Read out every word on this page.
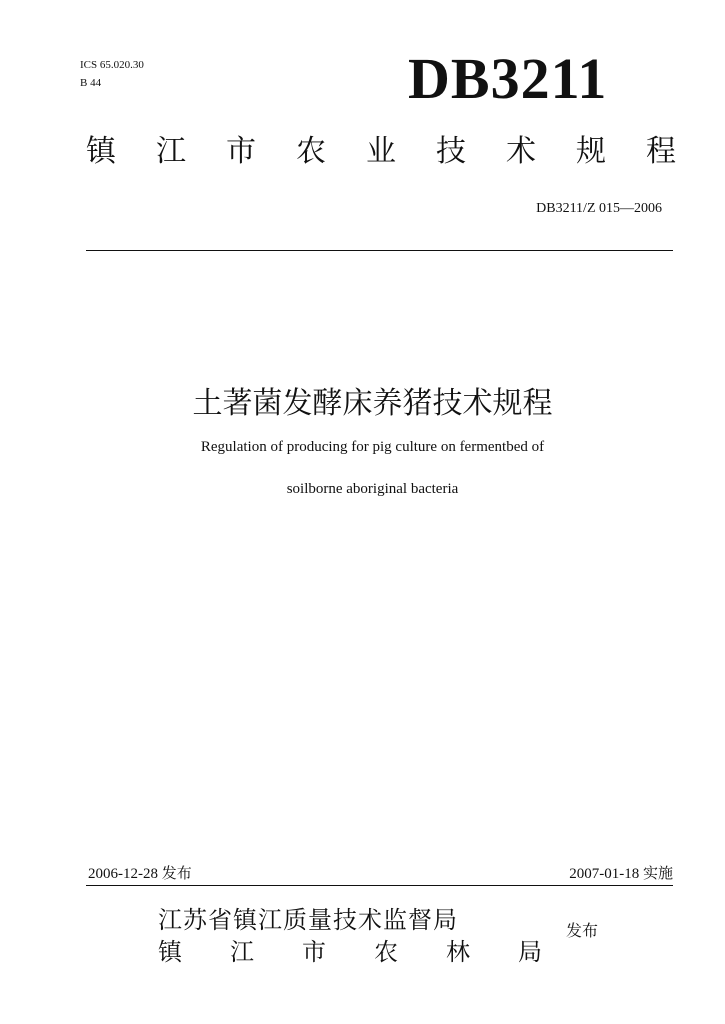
ICS 65.020.30
B 44	DB3211
镇 江 市 农 业 技 术 规 程
DB3211/Z 015—2006
土著菌发酵床养猪技术规程
Regulation of producing for pig culture on fermentbed of
soilborne aboriginal bacteria
2006-12-28 发布	2007-01-18 实施
江苏省镇江质量技术监督局
镇 江 市 农 林 局
发布
